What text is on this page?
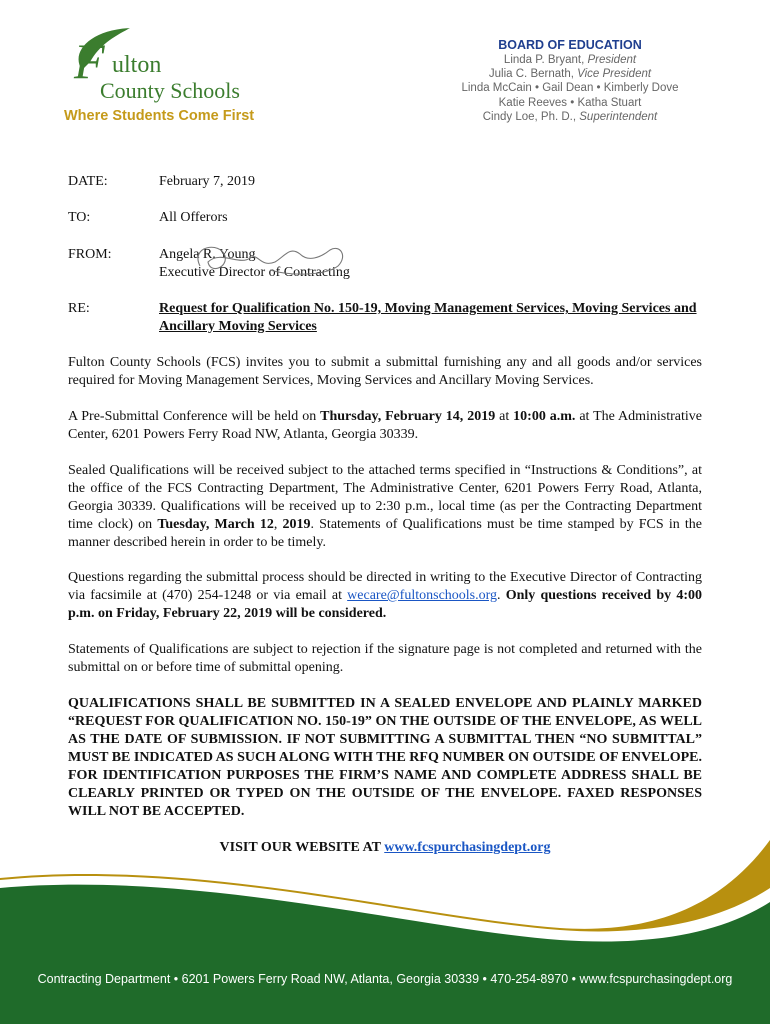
F ulton
County Schools
Where Students Come First
BOARD OF EDUCATION
Linda P. Bryant, President
Julia C. Bernath, Vice President
Linda McCain • Gail Dean • Kimberly Dove
Katie Reeves • Katha Stuart
Cindy Loe, Ph. D., Superintendent
DATE:	February 7, 2019
TO:	All Offerors
FROM:	Angela R. Young
Executive Director of Contracting
RE:	Request for Qualification No. 150-19, Moving Management Services, Moving Services and Ancillary Moving Services
Fulton County Schools (FCS) invites you to submit a submittal furnishing any and all goods and/or services required for Moving Management Services, Moving Services and Ancillary Moving Services.
A Pre-Submittal Conference will be held on Thursday, February 14, 2019 at 10:00 a.m. at The Administrative Center, 6201 Powers Ferry Road NW, Atlanta, Georgia 30339.
Sealed Qualifications will be received subject to the attached terms specified in “Instructions & Conditions”, at the office of the FCS Contracting Department, The Administrative Center, 6201 Powers Ferry Road, Atlanta, Georgia 30339. Qualifications will be received up to 2:30 p.m., local time (as per the Contracting Department time clock) on Tuesday, March 12, 2019. Statements of Qualifications must be time stamped by FCS in the manner described herein in order to be timely.
Questions regarding the submittal process should be directed in writing to the Executive Director of Contracting via facsimile at (470) 254-1248 or via email at wecare@fultonschools.org. Only questions received by 4:00 p.m. on Friday, February 22, 2019 will be considered.
Statements of Qualifications are subject to rejection if the signature page is not completed and returned with the submittal on or before time of submittal opening.
QUALIFICATIONS SHALL BE SUBMITTED IN A SEALED ENVELOPE AND PLAINLY MARKED “REQUEST FOR QUALIFICATION NO. 150-19” ON THE OUTSIDE OF THE ENVELOPE, AS WELL AS THE DATE OF SUBMISSION. IF NOT SUBMITTING A SUBMITTAL THEN “NO SUBMITTAL” MUST BE INDICATED AS SUCH ALONG WITH THE RFQ NUMBER ON OUTSIDE OF ENVELOPE. FOR IDENTIFICATION PURPOSES THE FIRM’S NAME AND COMPLETE ADDRESS SHALL BE CLEARLY PRINTED OR TYPED ON THE OUTSIDE OF THE ENVELOPE. FAXED RESPONSES WILL NOT BE ACCEPTED.
VISIT OUR WEBSITE AT www.fcspurchasingdept.org
Contracting Department • 6201 Powers Ferry Road NW, Atlanta, Georgia 30339 • 470-254-8970 • www.fcspurchasingdept.org
